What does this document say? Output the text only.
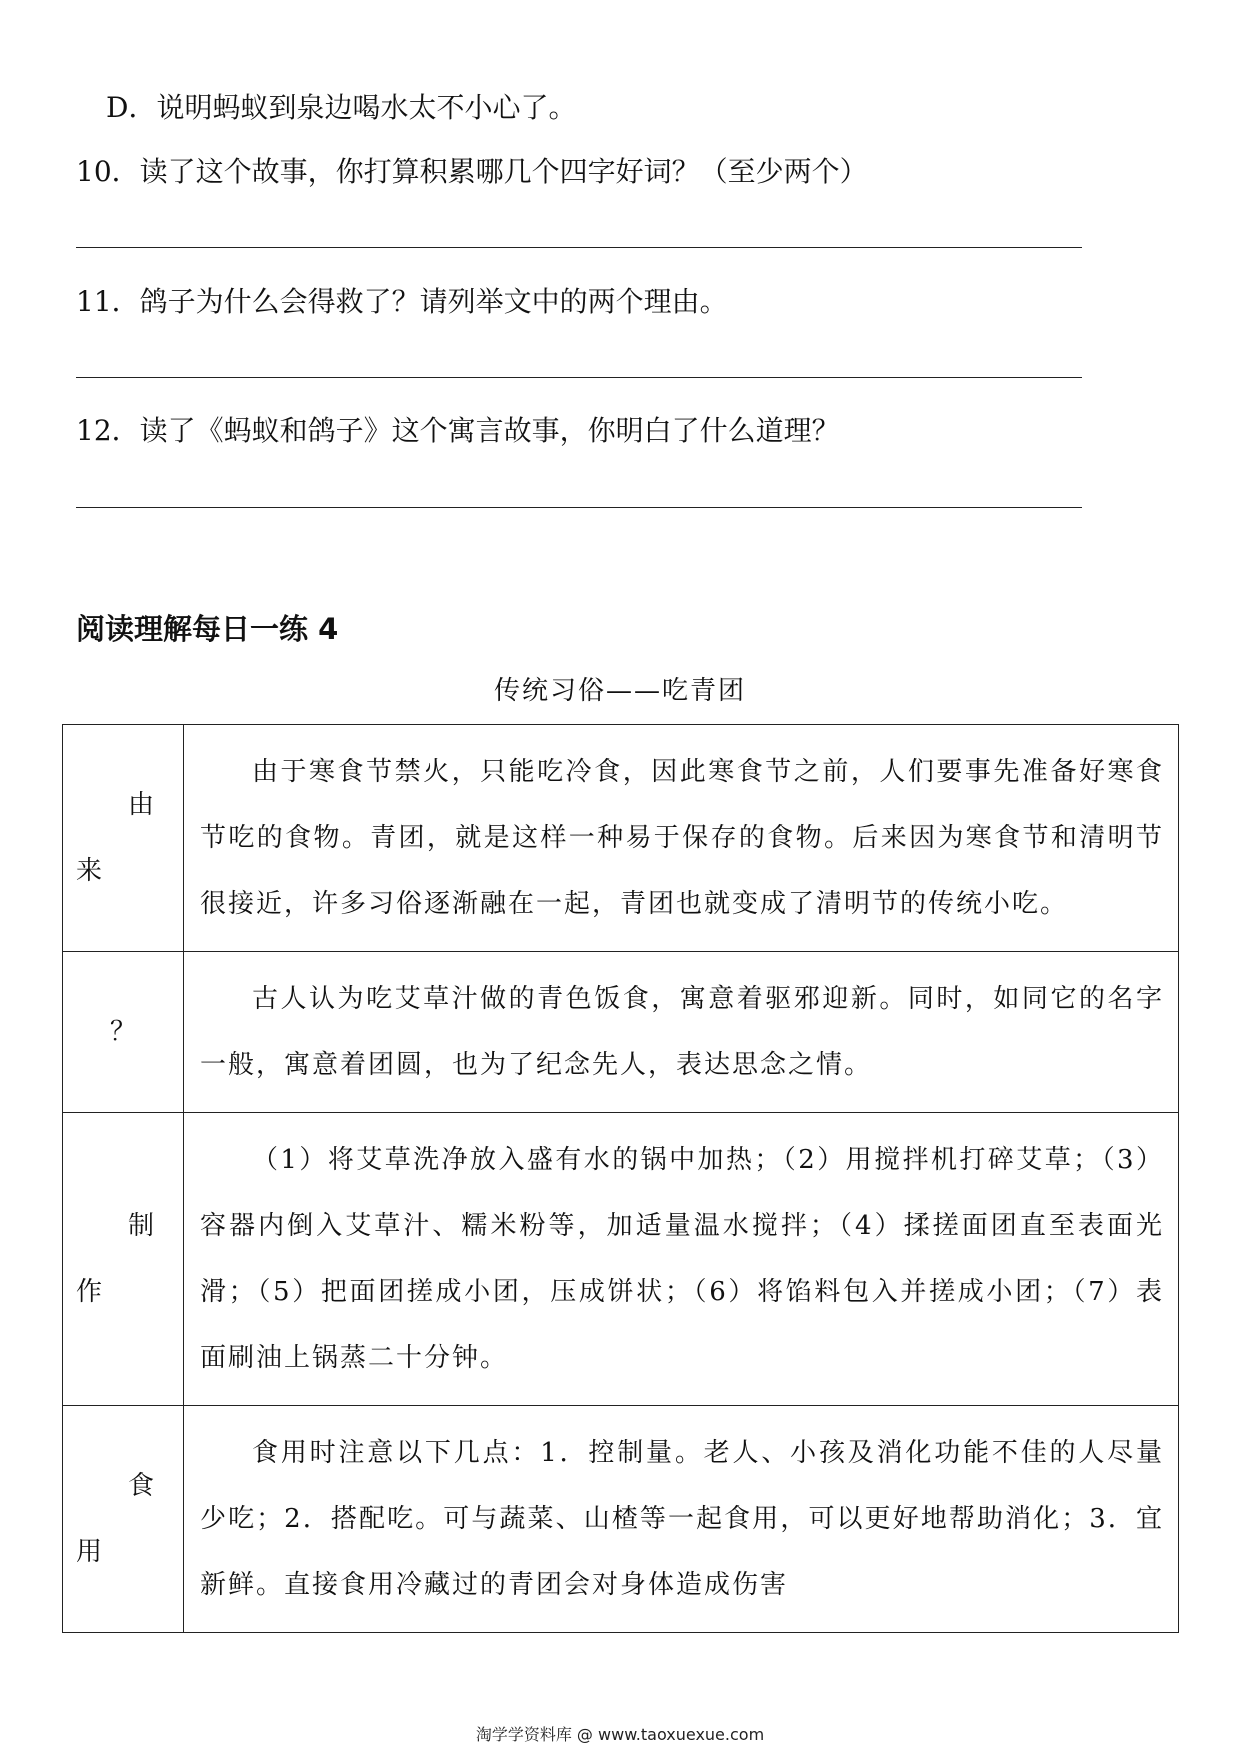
D．说明蚂蚁到泉边喝水太不小心了。

10．读了这个故事，你打算积累哪几个四字好词？（至少两个）

11．鸽子为什么会得救了？请列举文中的两个理由。

12．读了《蚂蚁和鸽子》这个寓言故事，你明白了什么道理？

阅读理解每日一练 4

传统习俗——吃青团

由来	由于寒食节禁火，只能吃冷食，因此寒食节之前，人们要事先准备好寒食节吃的食物。青团，就是这样一种易于保存的食物。后来因为寒食节和清明节很接近，许多习俗逐渐融在一起，青团也就变成了清明节的传统小吃。

？	古人认为吃艾草汁做的青色饭食，寓意着驱邪迎新。同时，如同它的名字一般，寓意着团圆，也为了纪念先人，表达思念之情。

制作	（1）将艾草洗净放入盛有水的锅中加热；（2）用搅拌机打碎艾草；（3）容器内倒入艾草汁、糯米粉等，加适量温水搅拌；（4）揉搓面团直至表面光滑；（5）把面团搓成小团，压成饼状；（6）将馅料包入并搓成小团；（7）表面刷油上锅蒸二十分钟。

食用	食用时注意以下几点：1．控制量。老人、小孩及消化功能不佳的人尽量少吃；2．搭配吃。可与蔬菜、山楂等一起食用，可以更好地帮助消化；3．宜新鲜。直接食用冷藏过的青团会对身体造成伤害

淘学学资料库 @ www.taoxuexue.com
